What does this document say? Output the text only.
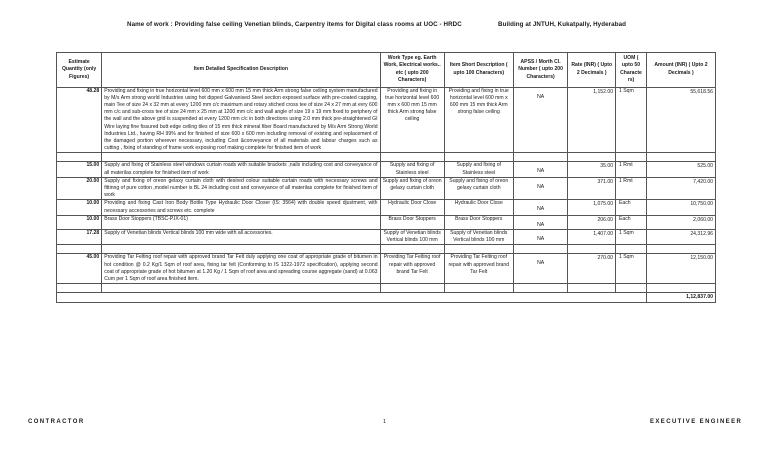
Name of work : Providing false ceiling Venetian blinds, Carpentry items for Digital class rooms at UOC - HRDC	Building at JNTUH, Kukatpally, Hyderabad
Estimate Quantity (only Figures)	Item Detailed Specification Description	Work Type eg. Earth Work, Electrical works.. etc ( upto 200 Characters)	Item Short Description ( upto 100 Characters)	APSS / Morth Cl. Number ( upto 200 Characters)	Rate (INR) ( Upto 2 Decimals )	UOM ( upto 50 Characte rs)	Amount (INR) ( Upto 2 Decimals )
48.28	Providing and fixing in true horizontal level 600 mm x 600 mm 15 mm thick Arm strong false ceiling system manufactured by M/s Arm strong world Industries using hot dipped Galvanised Steel section exposed surface with pre-coated capping, main Tee of size 24 x 32 mm at every 1200 mm c/c maximum and rotary stiched cross tee of size 24 x 27 mm at evry 600 mm c/c and sub-cross tee of size 24 mm x 25 mm at 1200 mm c/c and wall angle of size 19 x 19 mm fixed to periphery of the wall and the above grid is suspended at every 1200 mm c/c in both directions using 2.0 mm thick pre-straightened GI Wire laying fine fissured butt edge ceiling tiles of 15 mm thick mineral fiber Board manufactured by M/s Arm Strong World Industries Ltd., having RH 99% and for finished of size 600 x 600 mm including removal of existing and replacement of the damaged portion wherever necessary, including Cost &conveyance of all materials and labour charges such as cutting , fixing of standing of frame work exposing roof making complete for finished item of work	Providing and fixing in true horizontal level 600 mm x 600 mm 15 mm thick Arm strong false ceiling	Providing and fixing in true horizontal level 600 mm x 600 mm 15 mm thick Arm strong false ceiling	NA	1,152.00	1 Sqm	55,618.56

15.00	Supply and fixing of Stainless steel windows curtain roads with suitable brackets ,nails including cost and conveyance of all materilas complete for finished item of work	Supply and fixing of Stainless steel	Supply and fixing of Stainless steel	NA	35.00	1 Rmt	525.00
20.00	Supply and fixing of oreon gelaxy curtain cloth with desired colour suitable curtain roads with necessary screws and fittinng of pure cotton ,model number is BL 24 including cost and conveyance of all materilas complete for finished item of work	Supply and fixing of oreon gelaxy curtain cloth	Supply and fixing of oreon gelaxy curtain cloth	NA	371.00	1 Rmt	7,420.00
10.00	Providing and fixing Cast Iron Body Bottle Type Hydraulic Door Closer (IS: 3564) with double speed djustment, with necessary accessories and screws etc. complete	Hydraulic Door Close	Hydraulic Door Close	NA	1,075.00	Each	10,750.00
10.00	Brass Door Stoppers (TBSC-P.IX-01)	Brass Door Stoppers	Brass Door Stoppers	NA	206.00	Each	2,060.00
17.28	Supply of Venetian blinds Vertical blinds 100 mm wide with all accessories.	Supply of Venetian blinds Vertical blinds 100 mm	Supply of Venetian blinds Vertical blinds 100 mm	NA	1,407.00	1 Sqm	24,312.96

45.00	Providing Tar Felting roof repair with approved brand Tar Felt duly applying one coat of appropriate grade of bitumen in hot condition @ 0.2 Kg/1 Sqm of roof area, fixing tar felt (Conforming to IS 1322-1972 specification), applying second coat of appropriate grade of hot bitumen at 1.20 Kg / 1 Sqm of roof area and spreading course aggregate (sand) at 0.063 Cum per 1 Sqm of roof area finished item.	Providing Tar Felting roof repair with approved brand Tar Felt	Providing Tar Felting roof repair with approved brand Tar Felt	NA	270.00	1 Sqm	12,150.00

							1,12,837.00
CONTRACTOR	1	EXECUTIVE ENGINEER
